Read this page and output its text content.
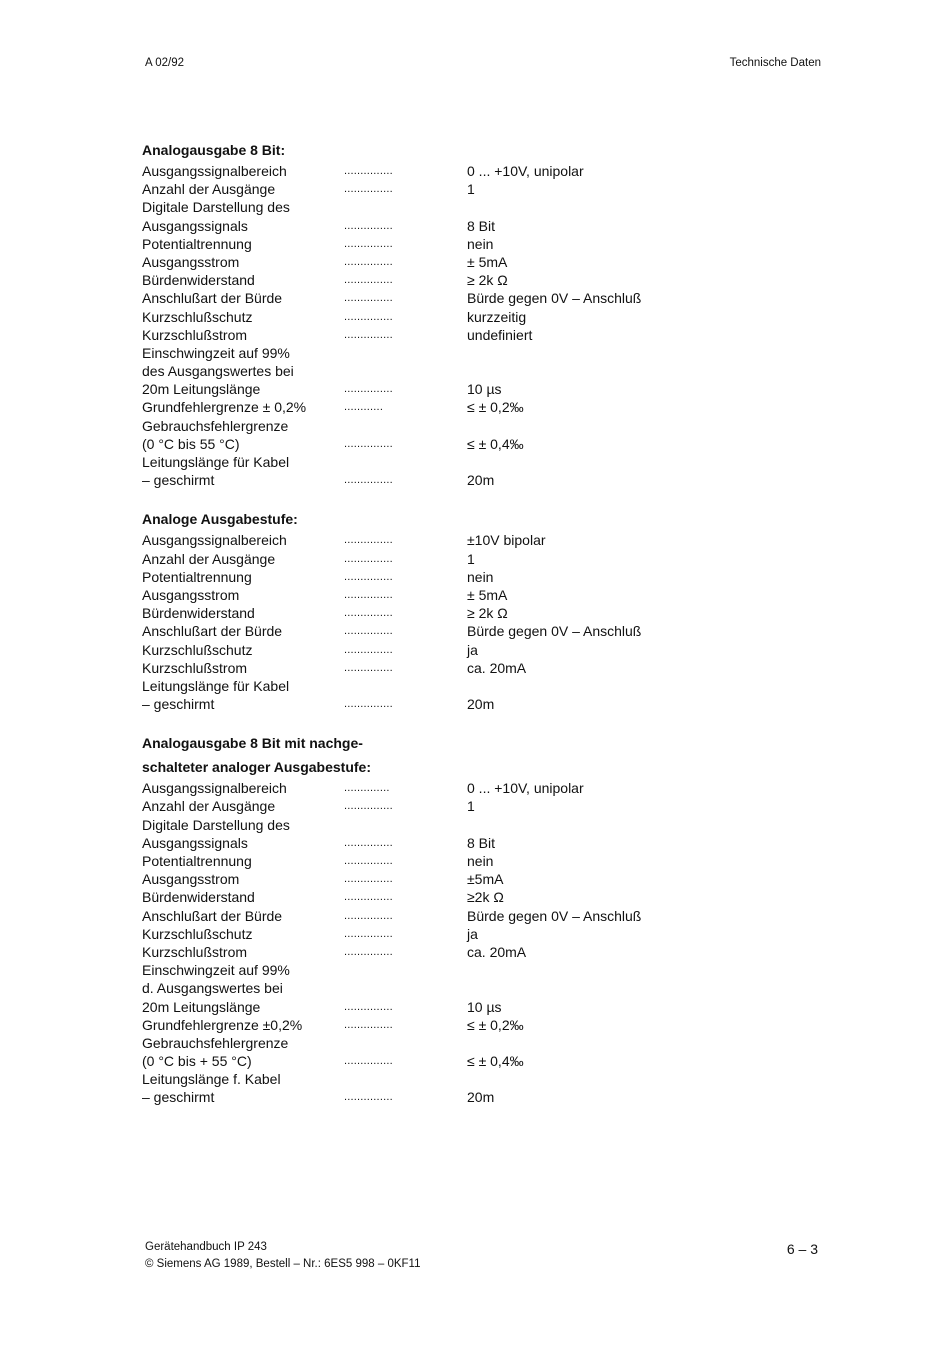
A 02/92	Technische Daten
Analogausgabe 8 Bit:
Ausgangssignalbereich	...............	0 ... +10V, unipolar
Anzahl der Ausgänge	...............	1
Digitale Darstellung des
Ausgangssignals	...............	8 Bit
Potentialtrennung	...............	nein
Ausgangsstrom	...............	± 5mA
Bürdenwiderstand	...............	≥ 2k Ω
Anschlußart der Bürde	...............	Bürde gegen 0V – Anschluß
Kurzschlußschutz	...............	kurzzeitig
Kurzschlußstrom	...............	undefiniert
Einschwingzeit auf 99%
des Ausgangswertes bei
20m Leitungslänge	...............	10 µs
Grundfehlergrenze ± 0,2%	............	≤ ± 0,2‰
Gebrauchsfehlergrenze
(0 °C bis 55 °C)	...............	≤ ± 0,4‰
Leitungslänge für Kabel
– geschirmt	...............	20m
Analoge Ausgabestufe:
Ausgangssignalbereich	...............	±10V bipolar
Anzahl der Ausgänge	...............	1
Potentialtrennung	...............	nein
Ausgangsstrom	...............	± 5mA
Bürdenwiderstand	...............	≥ 2k Ω
Anschlußart der Bürde	...............	Bürde gegen 0V – Anschluß
Kurzschlußschutz	...............	ja
Kurzschlußstrom	...............	ca. 20mA
Leitungslänge für Kabel
– geschirmt	...............	20m
Analogausgabe 8 Bit mit nachge-
schalteter analoger Ausgabestufe:
Ausgangssignalbereich	..............	0 ... +10V, unipolar
Anzahl der Ausgänge	...............	1
Digitale Darstellung des
Ausgangssignals	...............	8 Bit
Potentialtrennung	...............	nein
Ausgangsstrom	...............	±5mA
Bürdenwiderstand	...............	≥2k Ω
Anschlußart der Bürde	...............	Bürde gegen 0V – Anschluß
Kurzschlußschutz	...............	ja
Kurzschlußstrom	...............	ca. 20mA
Einschwingzeit auf 99%
d. Ausgangswertes bei
20m Leitungslänge	...............	10 µs
Grundfehlergrenze ±0,2%	...............	≤ ± 0,2‰
Gebrauchsfehlergrenze
(0 °C bis + 55 °C)	...............	≤ ± 0,4‰
Leitungslänge f. Kabel
– geschirmt	...............	20m
Gerätehandbuch IP 243
© Siemens AG 1989, Bestell – Nr.: 6ES5 998 – 0KF11
6 – 3
